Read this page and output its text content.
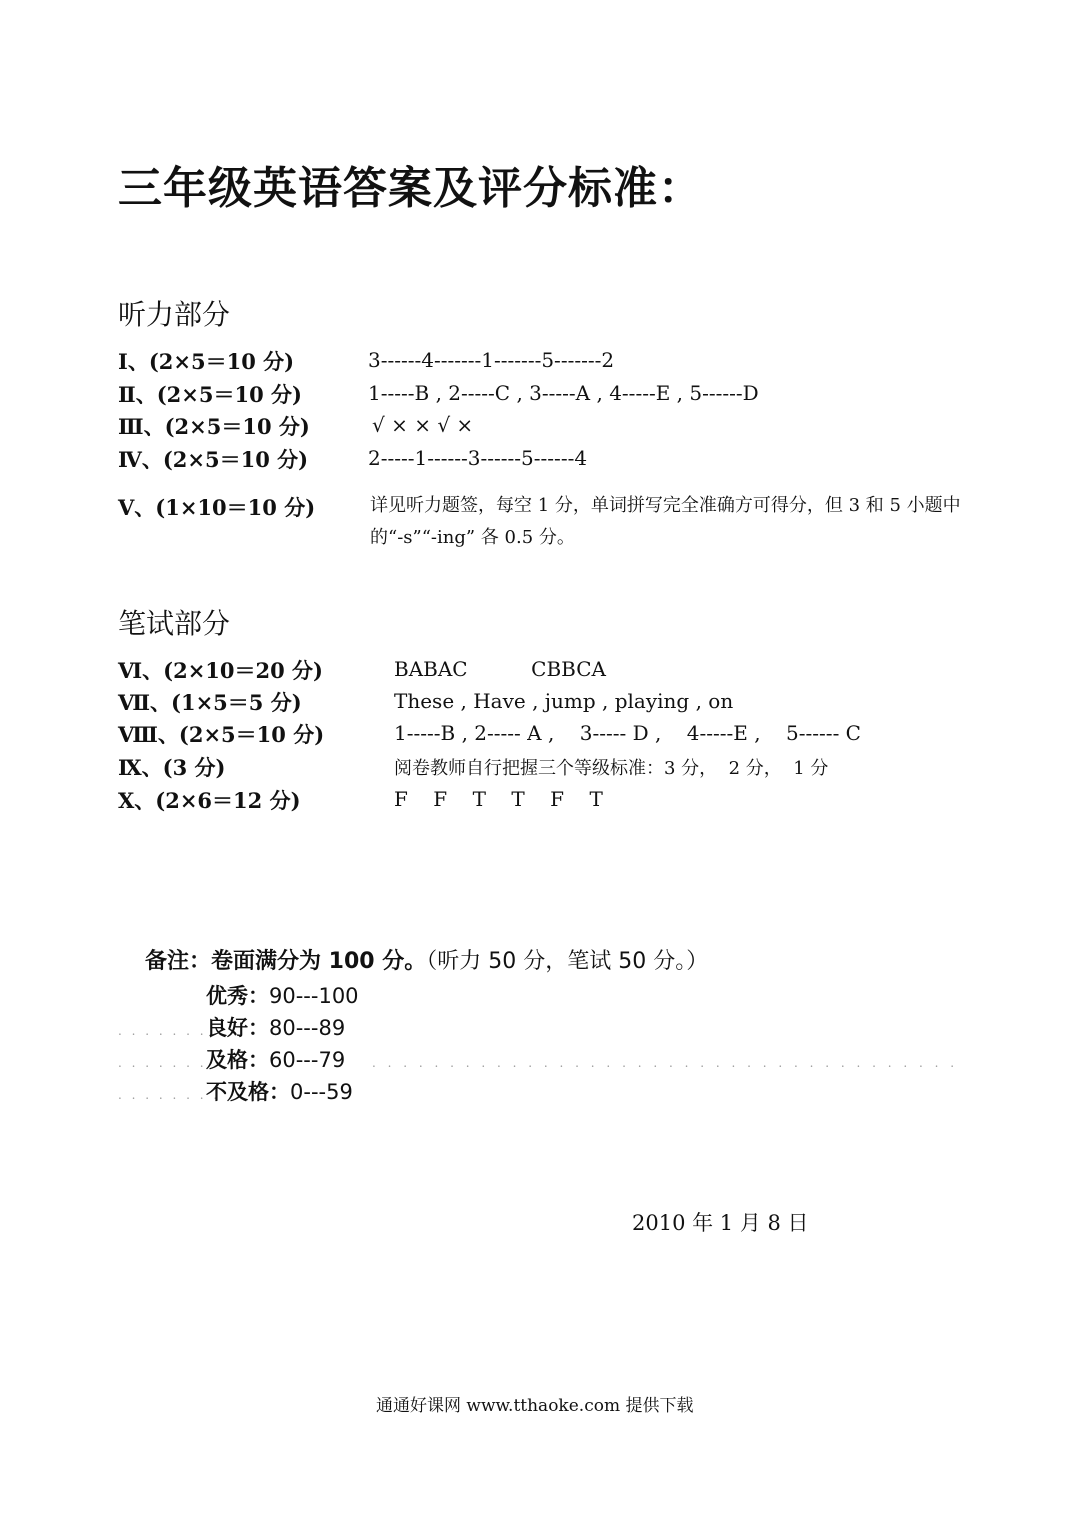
三年级英语答案及评分标准：
听力部分
Ⅰ、(2×5＝10 分)	3------4-------1-------5-------2
Ⅱ、(2×5＝10 分)	1-----B , 2-----C , 3-----A , 4-----E , 5------D
Ⅲ、(2×5＝10 分)	√ × × √ ×
Ⅳ、(2×5＝10 分)	2-----1------3------5------4
Ⅴ、(1×10＝10 分)	详见听力题签，每空 1 分，单词拼写完全准确方可得分，但 3 和 5 小题中的“-s”“-ing” 各 0.5 分。
笔试部分
Ⅵ、(2×10＝20 分)	BABAC          CBBCA
Ⅶ、(1×5＝5 分)	These , Have , jump , playing , on
Ⅷ、(2×5＝10 分)	1-----B , 2----- A ,    3----- D ,    4-----E ,    5------ C
Ⅸ、(3 分)	阅卷教师自行把握三个等级标准：3 分，  2 分，  1 分
Ⅹ、(2×6＝12 分)	F    F    T    T    F    T
备注：卷面满分为 100 分。（听力 50 分，笔试 50 分。）
. . . . . . . .
. . . . . . . .
. . . . . . . .
. . . . . . . . . . . . . . . . . . . . . . . . . . . . . . . . . . . . . .
优秀：90---100
良好：80---89
及格：60---79
不及格：0---59
2010 年 1 月 8 日
通通好课网 www.tthaoke.com 提供下载
